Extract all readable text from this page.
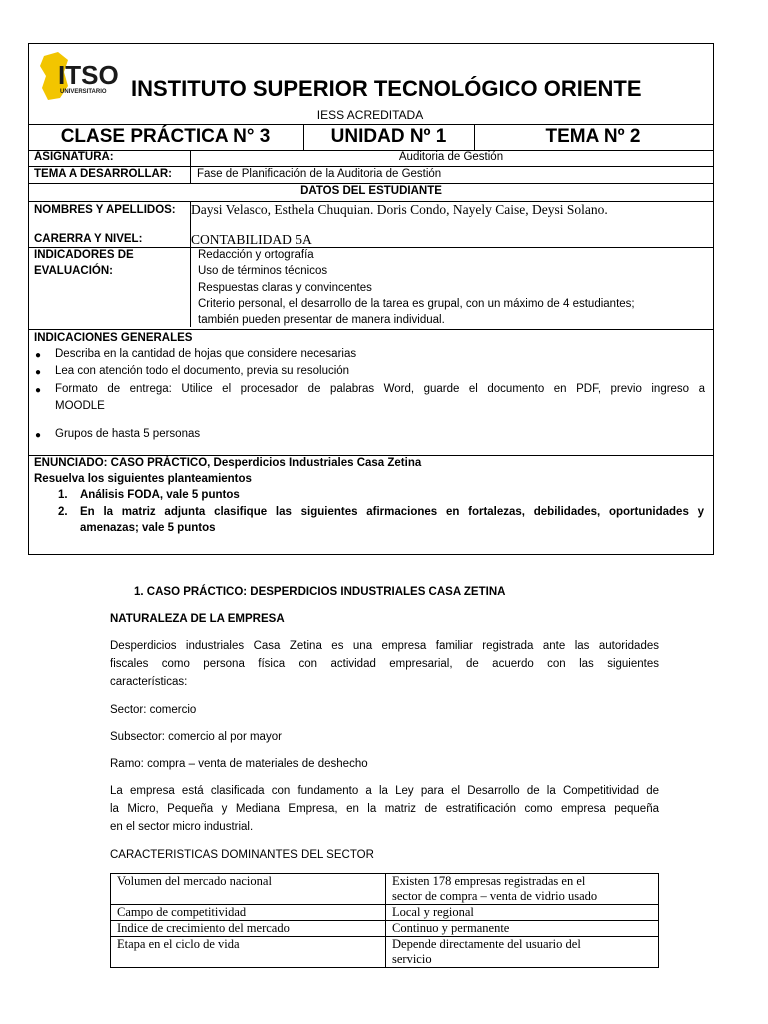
ITSO
UNIVERSITARIO INSTITUTO SUPERIOR TECNOLÓGICO ORIENTE
IESS ACREDITADA
CLASE PRÁCTICA N° 3	UNIDAD Nº 1	TEMA Nº 2
ASIGNATURA:	Auditoria de Gestión
TEMA A DESARROLLAR: Fase de Planificación de la Auditoria de Gestión
DATOS DEL ESTUDIANTE
NOMBRES Y APELLIDOS: Daysi Velasco, Esthela Chuquian. Doris Condo, Nayely Caise, Deysi Solano.
CARERRA Y NIVEL:	CONTABILIDAD 5A
INDICADORES DE
EVALUACIÓN:
Redacción y ortografía
Uso de términos técnicos
Respuestas claras y convincentes
Criterio personal, el desarrollo de la tarea es grupal, con un máximo de 4 estudiantes;
también pueden presentar de manera individual.
INDICACIONES GENERALES
● Describa en la cantidad de hojas que considere necesarias
● Lea con atención todo el documento, previa su resolución
● Formato de entrega: Utilice el procesador de palabras Word, guarde el documento en PDF, previo ingreso a
MOODLE
● Grupos de hasta 5 personas
ENUNCIADO: CASO PRÁCTICO, Desperdicios Industriales Casa Zetina
Resuelva los siguientes planteamientos
1. Análisis FODA, vale 5 puntos
2. En la matriz adjunta clasifique las siguientes afirmaciones en fortalezas, debilidades, oportunidades y
amenazas; vale 5 puntos
1. CASO PRÁCTICO: DESPERDICIOS INDUSTRIALES CASA ZETINA
NATURALEZA DE LA EMPRESA
Desperdicios industriales Casa Zetina es una empresa familiar registrada ante las autoridades
fiscales como persona física con actividad empresarial, de acuerdo con las siguientes
características:
Sector: comercio
Subsector: comercio al por mayor
Ramo: compra – venta de materiales de deshecho
La empresa está clasificada con fundamento a la Ley para el Desarrollo de la Competitividad de
la Micro, Pequeña y Mediana Empresa, en la matriz de estratificación como empresa pequeña
en el sector micro industrial.
CARACTERISTICAS DOMINANTES DEL SECTOR
Volumen del mercado nacional	Existen 178 empresas registradas en el
sector de compra – venta de vidrio usado

Campo de competitividad	Local y regional
Indice de crecimiento del mercado	Continuo y permanente
Etapa en el ciclo de vida	Depende directamente del usuario del
servicio
